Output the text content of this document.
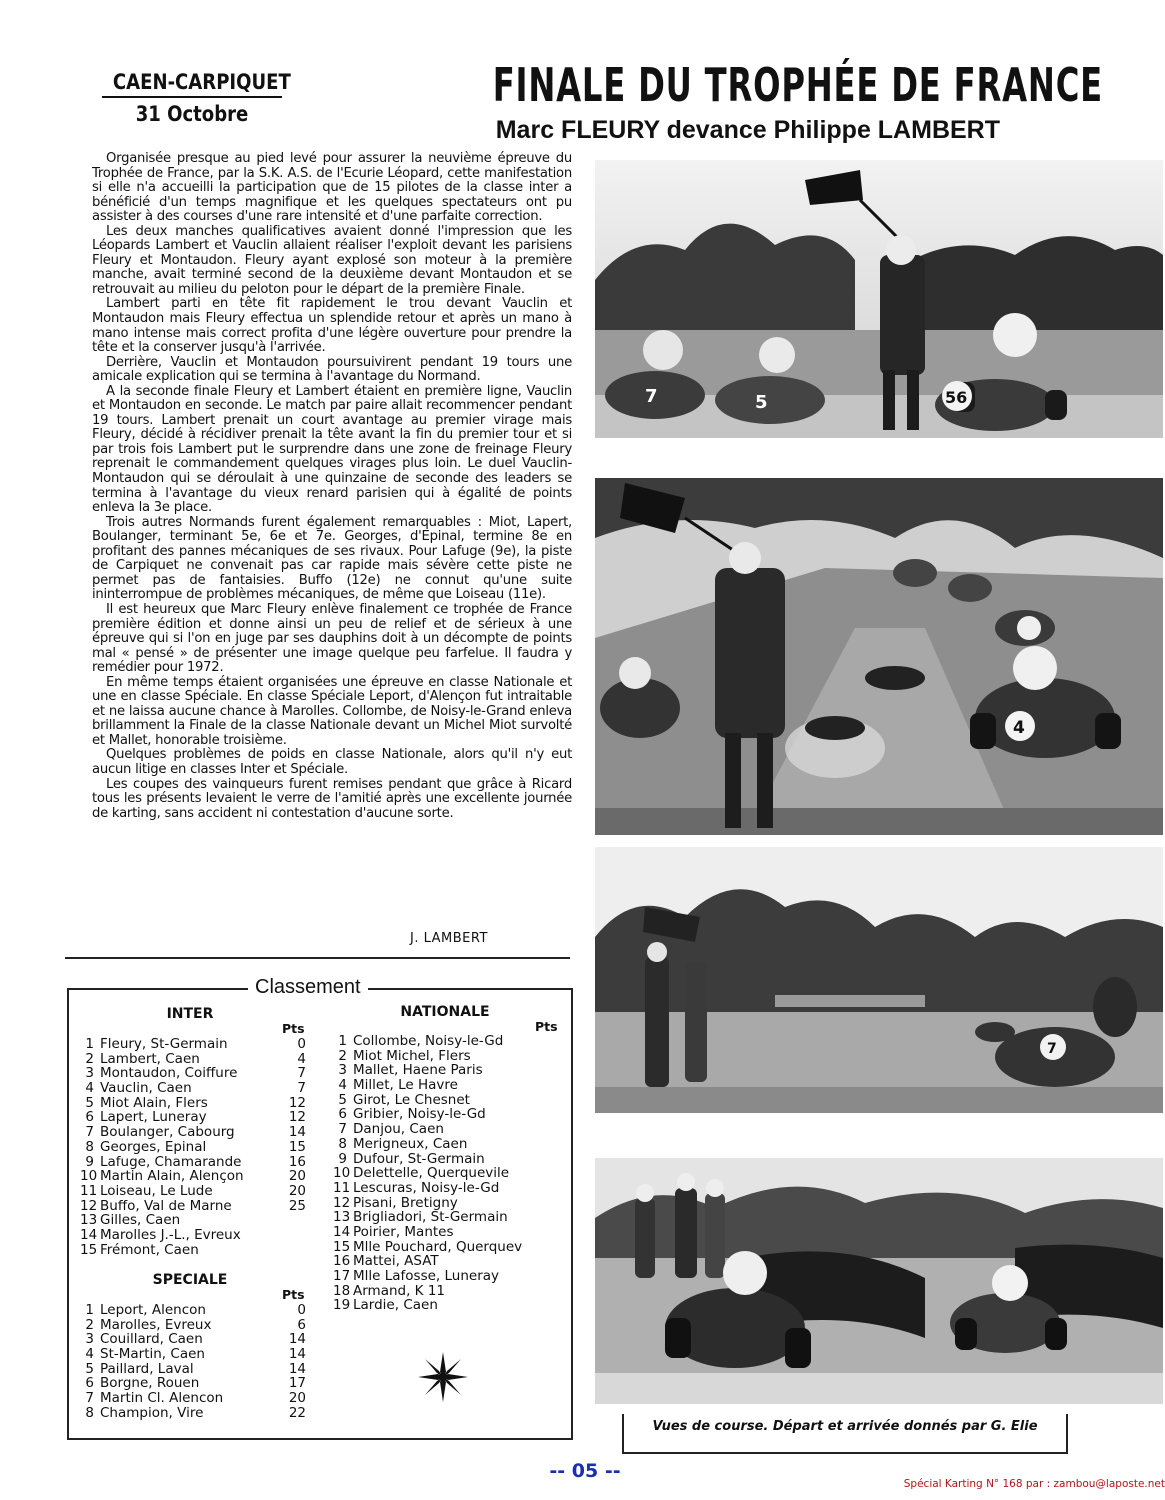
CAEN-CARPIQUET
31 Octobre
FINALE DU TROPHÉE DE FRANCE
Marc FLEURY devance Philippe LAMBERT

Organisée presque au pied levé pour assurer la neuvième épreuve du Trophée de France, par la S.K. A.S. de l'Ecurie Léopard, cette manifestation si elle n'a accueilli la participation que de 15 pilotes de la classe inter a bénéficié d'un temps magnifique et les quelques spectateurs ont pu assister à des courses d'une rare intensité et d'une parfaite correction.

Les deux manches qualificatives avaient donné l'impression que les Léopards Lambert et Vauclin allaient réaliser l'exploit devant les parisiens Fleury et Montaudon. Fleury ayant explosé son moteur à la première manche, avait terminé second de la deuxième devant Montaudon et se retrouvait au milieu du peloton pour le départ de la première Finale.

Lambert parti en tête fit rapidement le trou devant Vauclin et Montaudon mais Fleury effectua un splendide retour et après un mano à mano intense mais correct profita d'une légère ouverture pour prendre la tête et la conserver jusqu'à l'arrivée.

Derrière, Vauclin et Montaudon poursuivirent pendant 19 tours une amicale explication qui se termina à l'avantage du Normand.

A la seconde finale Fleury et Lambert étaient en première ligne, Vauclin et Montaudon en seconde. Le match par paire allait recommencer pendant 19 tours. Lambert prenait un court avantage au premier virage mais Fleury, décidé à récidiver prenait la tête avant la fin du premier tour et si par trois fois Lambert put le surprendre dans une zone de freinage Fleury reprenait le commandement quelques virages plus loin. Le duel Vauclin-Montaudon qui se déroulait à une quinzaine de seconde des leaders se termina à l'avantage du vieux renard parisien qui à égalité de points enleva la 3e place.

Trois autres Normands furent également remarquables : Miot, Lapert, Boulanger, terminant 5e, 6e et 7e. Georges, d'Epinal, termine 8e en profitant des pannes mécaniques de ses rivaux. Pour Lafuge (9e), la piste de Carpiquet ne convenait pas car rapide mais sévère cette piste ne permet pas de fantaisies. Buffo (12e) ne connut qu'une suite ininterrompue de problèmes mécaniques, de même que Loiseau (11e).

Il est heureux que Marc Fleury enlève finalement ce trophée de France première édition et donne ainsi un peu de relief et de sérieux à une épreuve qui si l'on en juge par ses dauphins doit à un décompte de points mal « pensé » de présenter une image quelque peu farfelue. Il faudra y remédier pour 1972.

En même temps étaient organisées une épreuve en classe Nationale et une en classe Spéciale. En classe Spéciale Leport, d'Alençon fut intraitable et ne laissa aucune chance à Marolles. Collombe, de Noisy-le-Grand enleva brillamment la Finale de la classe Nationale devant un Michel Miot survolté et Mallet, honorable troisième.

Quelques problèmes de poids en classe Nationale, alors qu'il n'y eut aucun litige en classes Inter et Spéciale.

Les coupes des vainqueurs furent remises pendant que grâce à Ricard tous les présents levaient le verre de l'amitié après une excellente journée de karting, sans accident ni contestation d'aucune sorte.

J. LAMBERT
Classement
INTER
Pts
1 Fleury, St-Germain	0
2 Lambert, Caen	4
3 Montaudon, Coiffure	7
4 Vauclin, Caen	7
5 Miot Alain, Flers	12
6 Lapert, Luneray	12
7 Boulanger, Cabourg	14
8 Georges, Epinal	15
9 Lafuge, Chamarande	16
10 Martin Alain, Alençon	20
11 Loiseau, Le Lude	20
12 Buffo, Val de Marne	25
13 Gilles, Caen
14 Marolles J.-L., Evreux
15 Frémont, Caen
SPECIALE
Pts
1 Leport, Alencon	0
2 Marolles, Evreux	6
3 Couillard, Caen	14
4 St-Martin, Caen	14
5 Paillard, Laval	14
6 Borgne, Rouen	17
7 Martin Cl. Alencon	20
8 Champion, Vire	22
NATIONALE
Pts
1 Collombe, Noisy-le-Gd
2 Miot Michel, Flers
3 Mallet, Haene Paris
4 Millet, Le Havre
5 Girot, Le Chesnet
6 Gribier, Noisy-le-Gd
7 Danjou, Caen
8 Merigneux, Caen
9 Dufour, St-Germain
10 Delettelle, Querquevile
11 Lescuras, Noisy-le-Gd
12 Pisani, Bretigny
13 Brigliadori, St-Germain
14 Poirier, Mantes
15 Mlle Pouchard, Querquev
16 Mattei, ASAT
17 Mlle Lafosse, Luneray
18 Armand, K 11
19 Lardie, Caen
7	5	56
4
7
Vues de course. Départ et arrivée donnés par G. Elie
-- 05 --
Spécial Karting N° 168 par : zambou@laposte.net
